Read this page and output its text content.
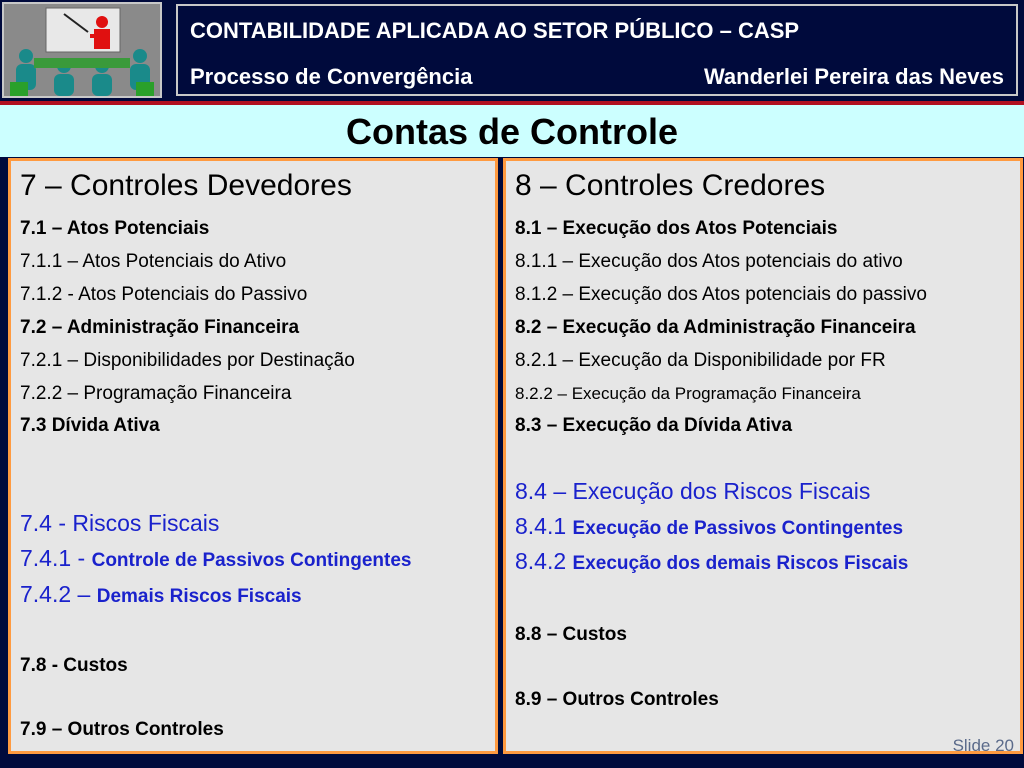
CONTABILIDADE APLICADA AO SETOR PÚBLICO – CASP
Processo de Convergência	Wanderlei Pereira das Neves
Contas de Controle
7 – Controles Devedores
7.1 – Atos Potenciais
7.1.1 – Atos Potenciais do Ativo
7.1.2 - Atos Potenciais do Passivo
7.2 – Administração Financeira
7.2.1 – Disponibilidades por Destinação
7.2.2 – Programação Financeira
7.3 Dívida Ativa
7.4 - Riscos Fiscais
7.4.1 - Controle de Passivos Contingentes
7.4.2 – Demais Riscos Fiscais
7.8 - Custos
7.9 – Outros Controles
8 – Controles Credores
8.1 – Execução dos Atos Potenciais
8.1.1 – Execução dos Atos potenciais do ativo
8.1.2 – Execução dos Atos potenciais do passivo
8.2 – Execução da Administração Financeira
8.2.1 – Execução da Disponibilidade por FR
8.2.2 – Execução da Programação Financeira
8.3 – Execução da Dívida Ativa
8.4 – Execução dos Riscos Fiscais
8.4.1 Execução de Passivos Contingentes
8.4.2 Execução dos demais Riscos Fiscais
8.8 – Custos
8.9 – Outros Controles
Slide 20
